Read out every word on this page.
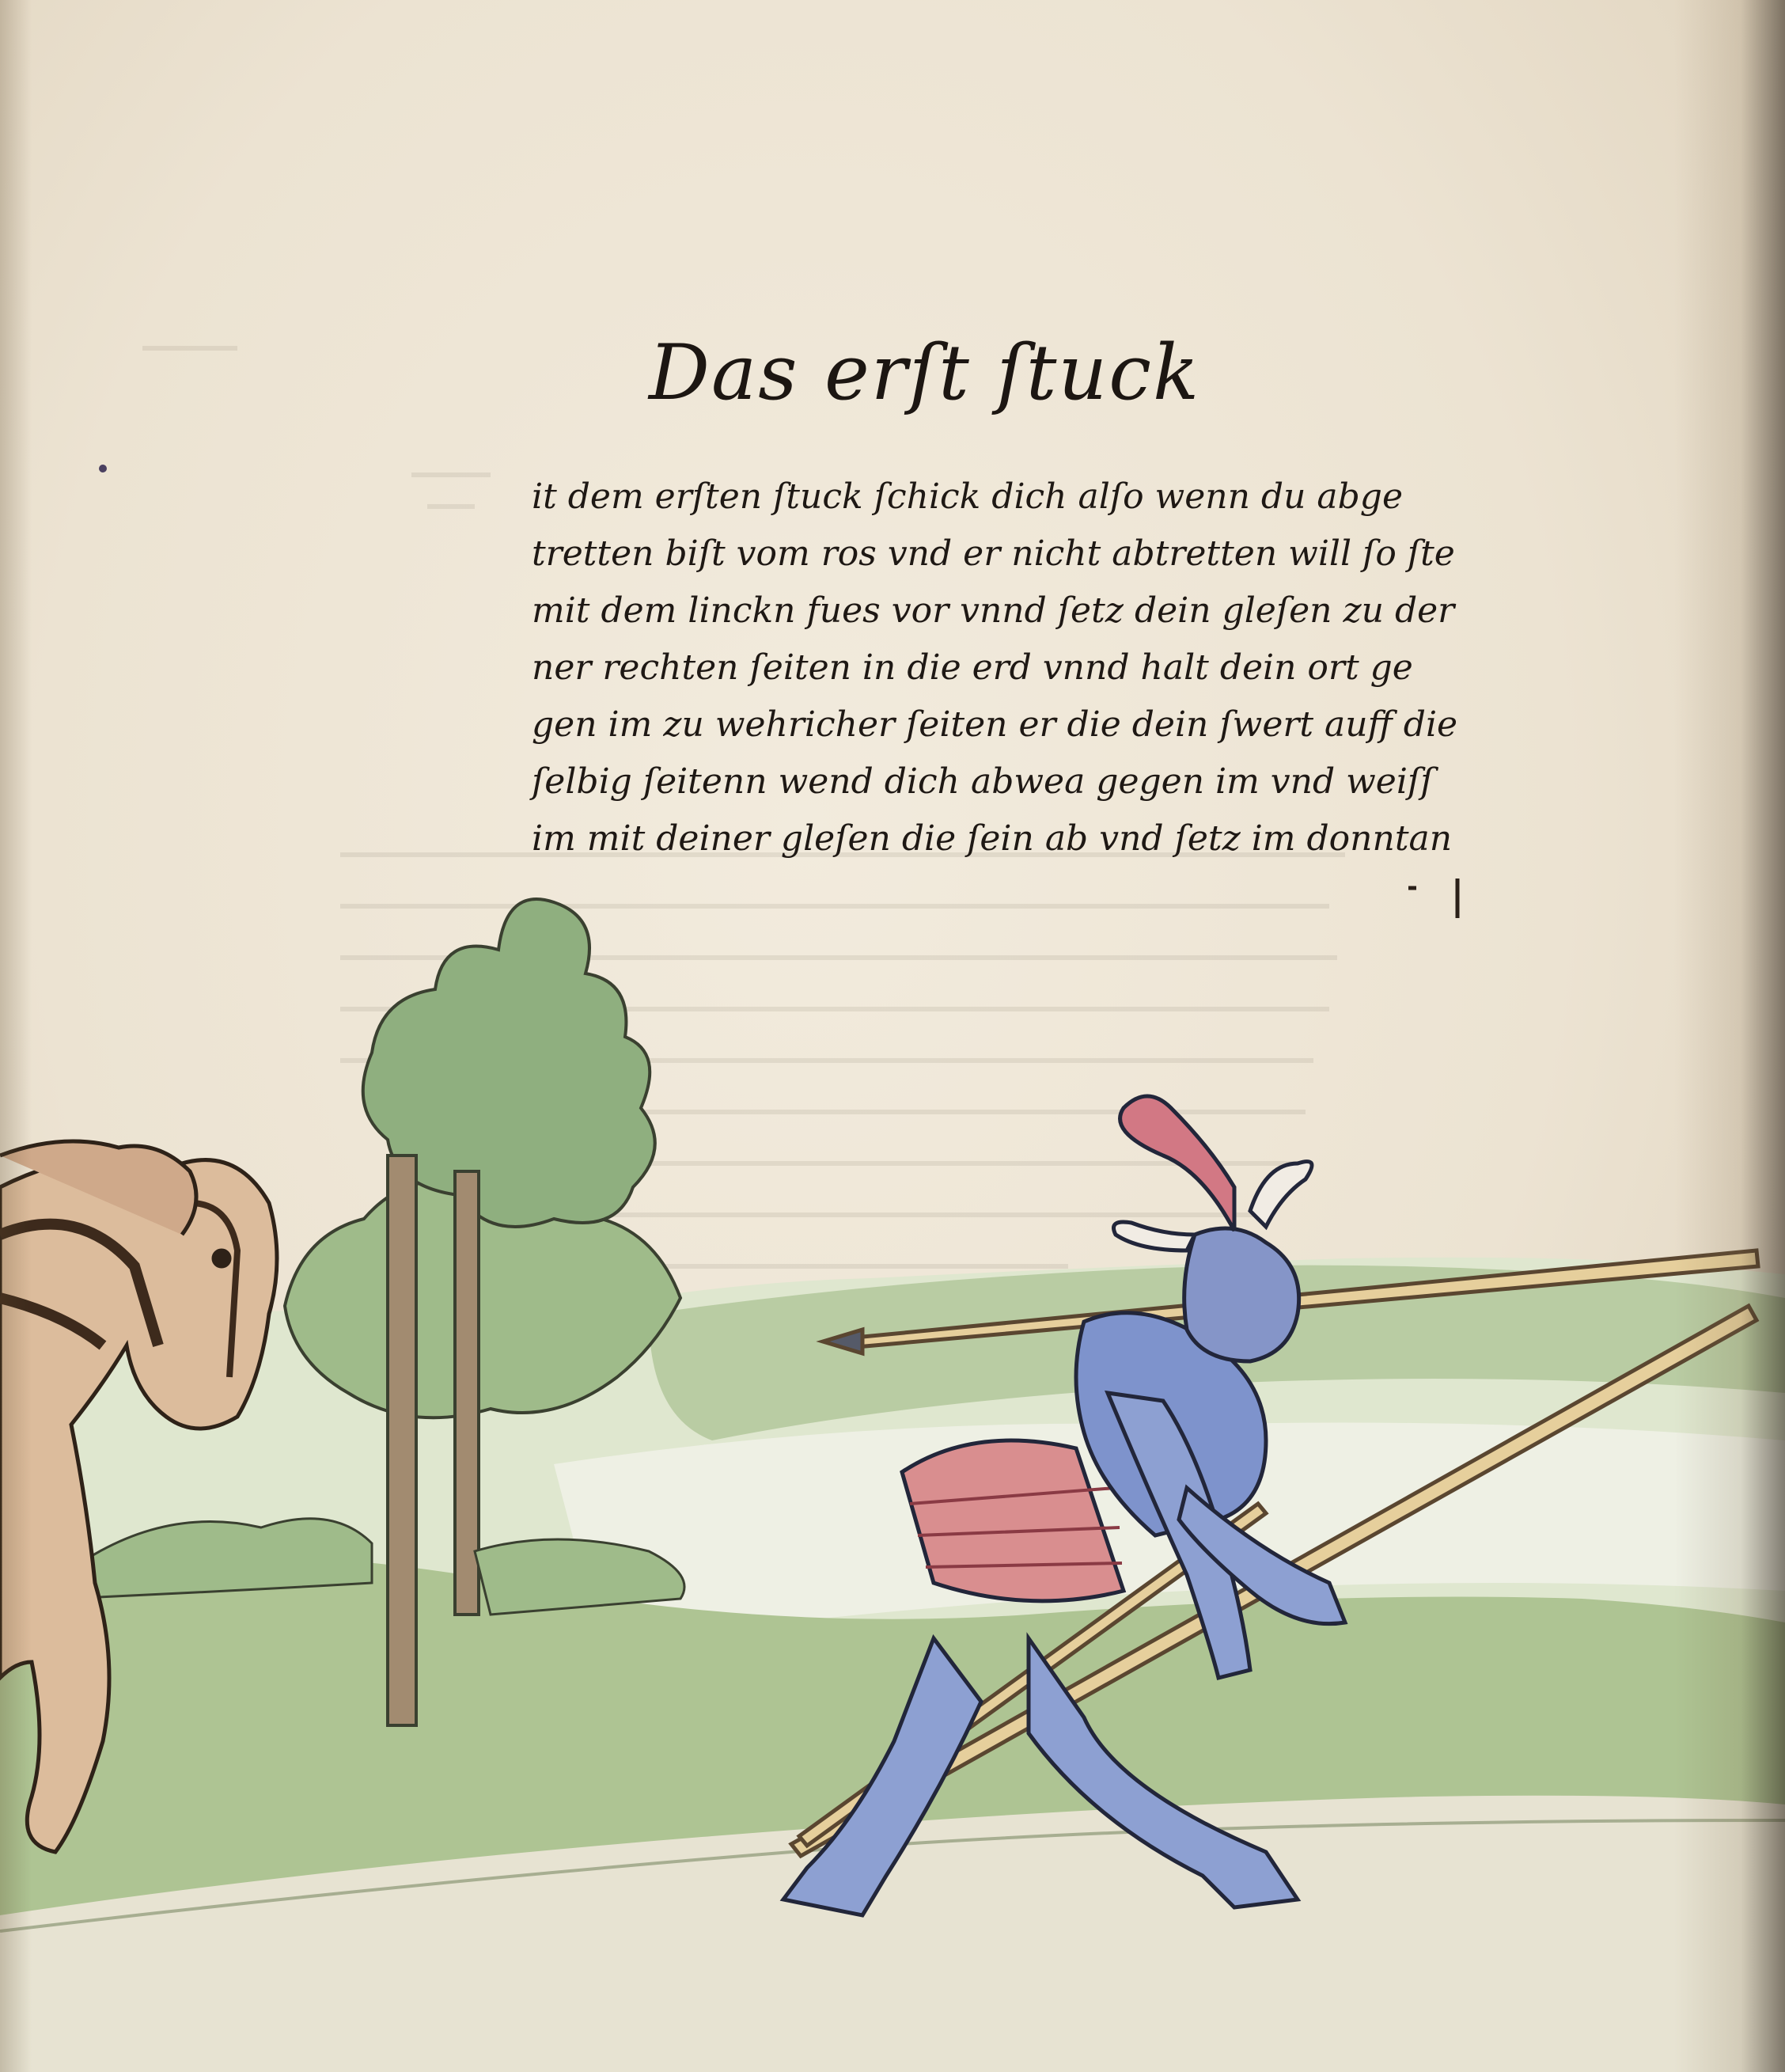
Das erſt ſtuck
it dem erſten ſtuck ſchick dich alſo wenn du abge
tretten biſt vom ros vnd er nicht abtretten will ſo ſte
mit dem linckn fues vor vnnd ſetz dein gleſen zu der
ner rechten ſeiten in die erd vnnd halt dein ort ge
gen im zu wehricher ſeiten er die dein ſwert auff die
ſelbig ſeitenn wend dich abwea gegen im vnd weiſſ
im mit deiner gleſen die ſein ab vnd ſetz im donntan
